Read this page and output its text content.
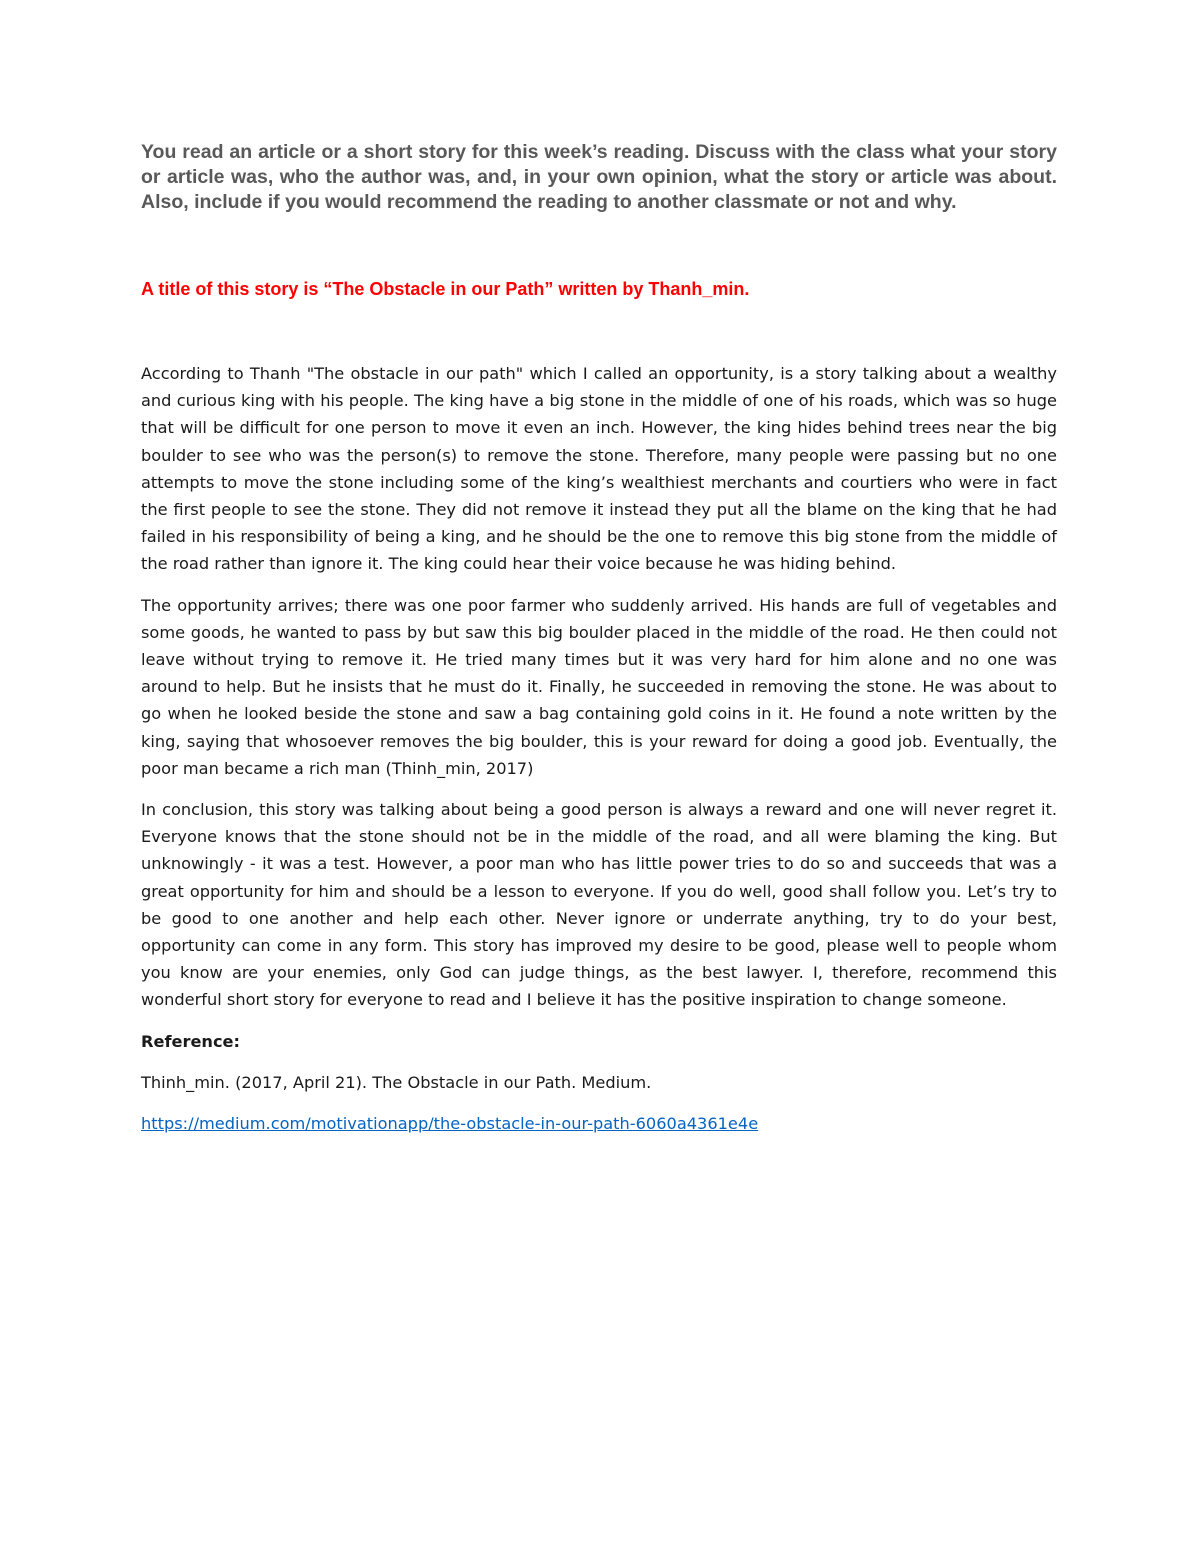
You read an article or a short story for this week’s reading. Discuss with the class what your story or article was, who the author was, and, in your own opinion, what the story or article was about. Also, include if you would recommend the reading to another classmate or not and why.

A title of this story is “The Obstacle in our Path” written by Thanh_min.

According to Thanh "The obstacle in our path" which I called an opportunity, is a story talking about a wealthy and curious king with his people. The king have a big stone in the middle of one of his roads, which was so huge that will be difficult for one person to move it even an inch. However, the king hides behind trees near the big boulder to see who was the person(s) to remove the stone. Therefore, many people were passing but no one attempts to move the stone including some of the king’s wealthiest merchants and courtiers who were in fact the first people to see the stone. They did not remove it instead they put all the blame on the king that he had failed in his responsibility of being a king, and he should be the one to remove this big stone from the middle of the road rather than ignore it. The king could hear their voice because he was hiding behind.

The opportunity arrives; there was one poor farmer who suddenly arrived. His hands are full of vegetables and some goods, he wanted to pass by but saw this big boulder placed in the middle of the road. He then could not leave without trying to remove it. He tried many times but it was very hard for him alone and no one was around to help. But he insists that he must do it. Finally, he succeeded in removing the stone. He was about to go when he looked beside the stone and saw a bag containing gold coins in it. He found a note written by the king, saying that whosoever removes the big boulder, this is your reward for doing a good job. Eventually, the poor man became a rich man (Thinh_min, 2017)

In conclusion, this story was talking about being a good person is always a reward and one will never regret it. Everyone knows that the stone should not be in the middle of the road, and all were blaming the king. But unknowingly - it was a test. However, a poor man who has little power tries to do so and succeeds that was a great opportunity for him and should be a lesson to everyone. If you do well, good shall follow you. Let’s try to be good to one another and help each other. Never ignore or underrate anything, try to do your best, opportunity can come in any form. This story has improved my desire to be good, please well to people whom you know are your enemies, only God can judge things, as the best lawyer. I, therefore, recommend this wonderful short story for everyone to read and I believe it has the positive inspiration to change someone.

Reference:

Thinh_min. (2017, April 21). The Obstacle in our Path. Medium.

https://medium.com/motivationapp/the-obstacle-in-our-path-6060a4361e4e
